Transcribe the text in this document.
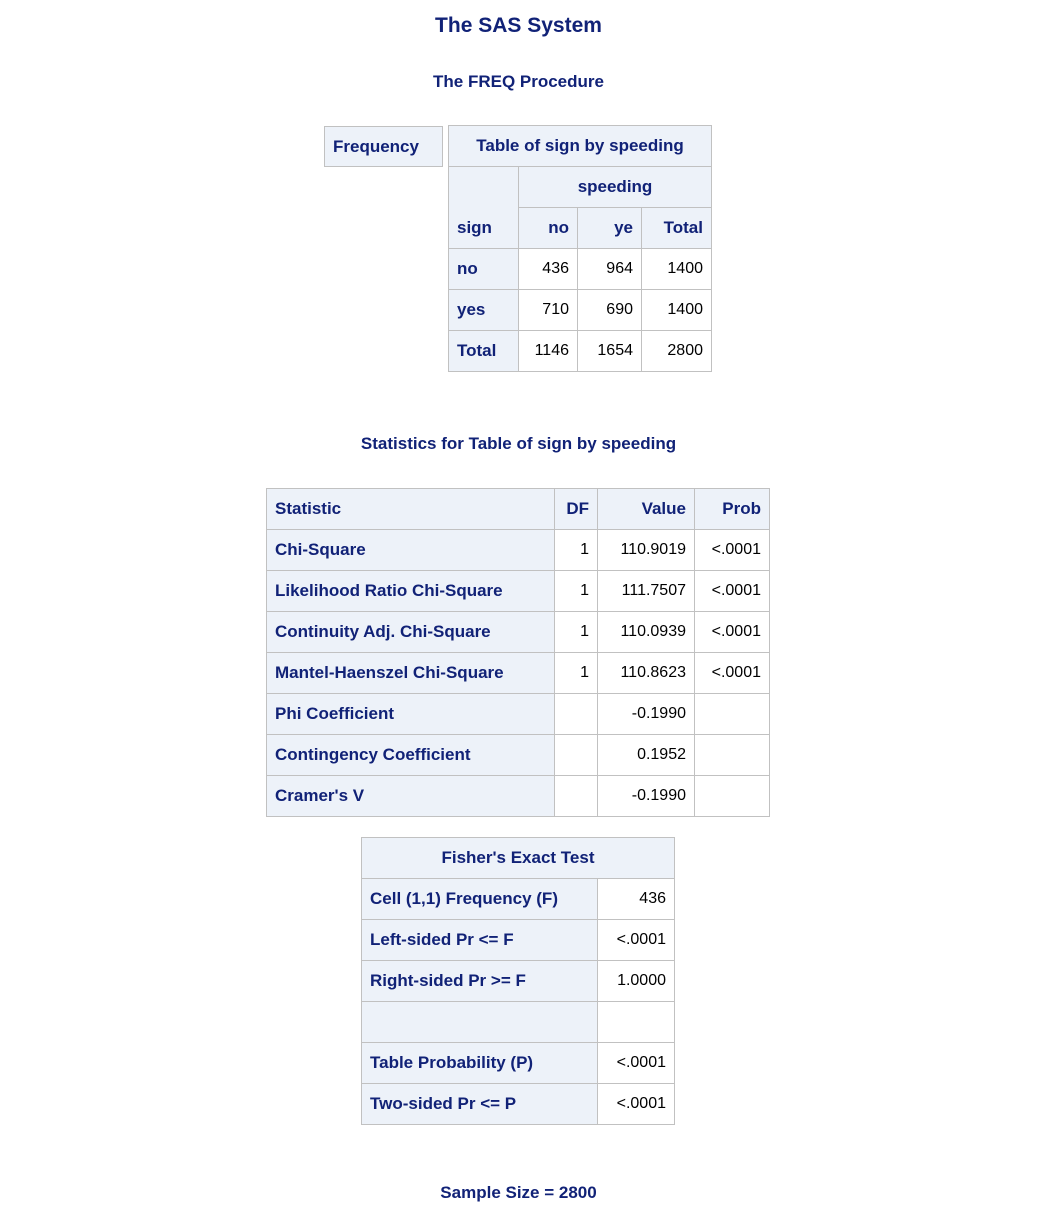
The SAS System
The FREQ Procedure
Frequency	Table of sign by speeding			
sign	speeding		
	no	ye	Total
no	436	964	1400
yes	710	690	1400
Total	1146	1654	2800
Statistics for Table of sign by speeding
Statistic	DF	Value	Prob
Chi-Square	1	110.9019	<.0001
Likelihood Ratio Chi-Square	1	111.7507	<.0001
Continuity Adj. Chi-Square	1	110.0939	<.0001
Mantel-Haenszel Chi-Square	1	110.8623	<.0001
Phi Coefficient		-0.1990	
Contingency Coefficient		0.1952	
Cramer's V		-0.1990	
Fisher's Exact Test	
Cell (1,1) Frequency (F)	436
Left-sided Pr <= F	<.0001
Right-sided Pr >= F	1.0000

Table Probability (P)	<.0001
Two-sided Pr <= P	<.0001
Sample Size = 2800
